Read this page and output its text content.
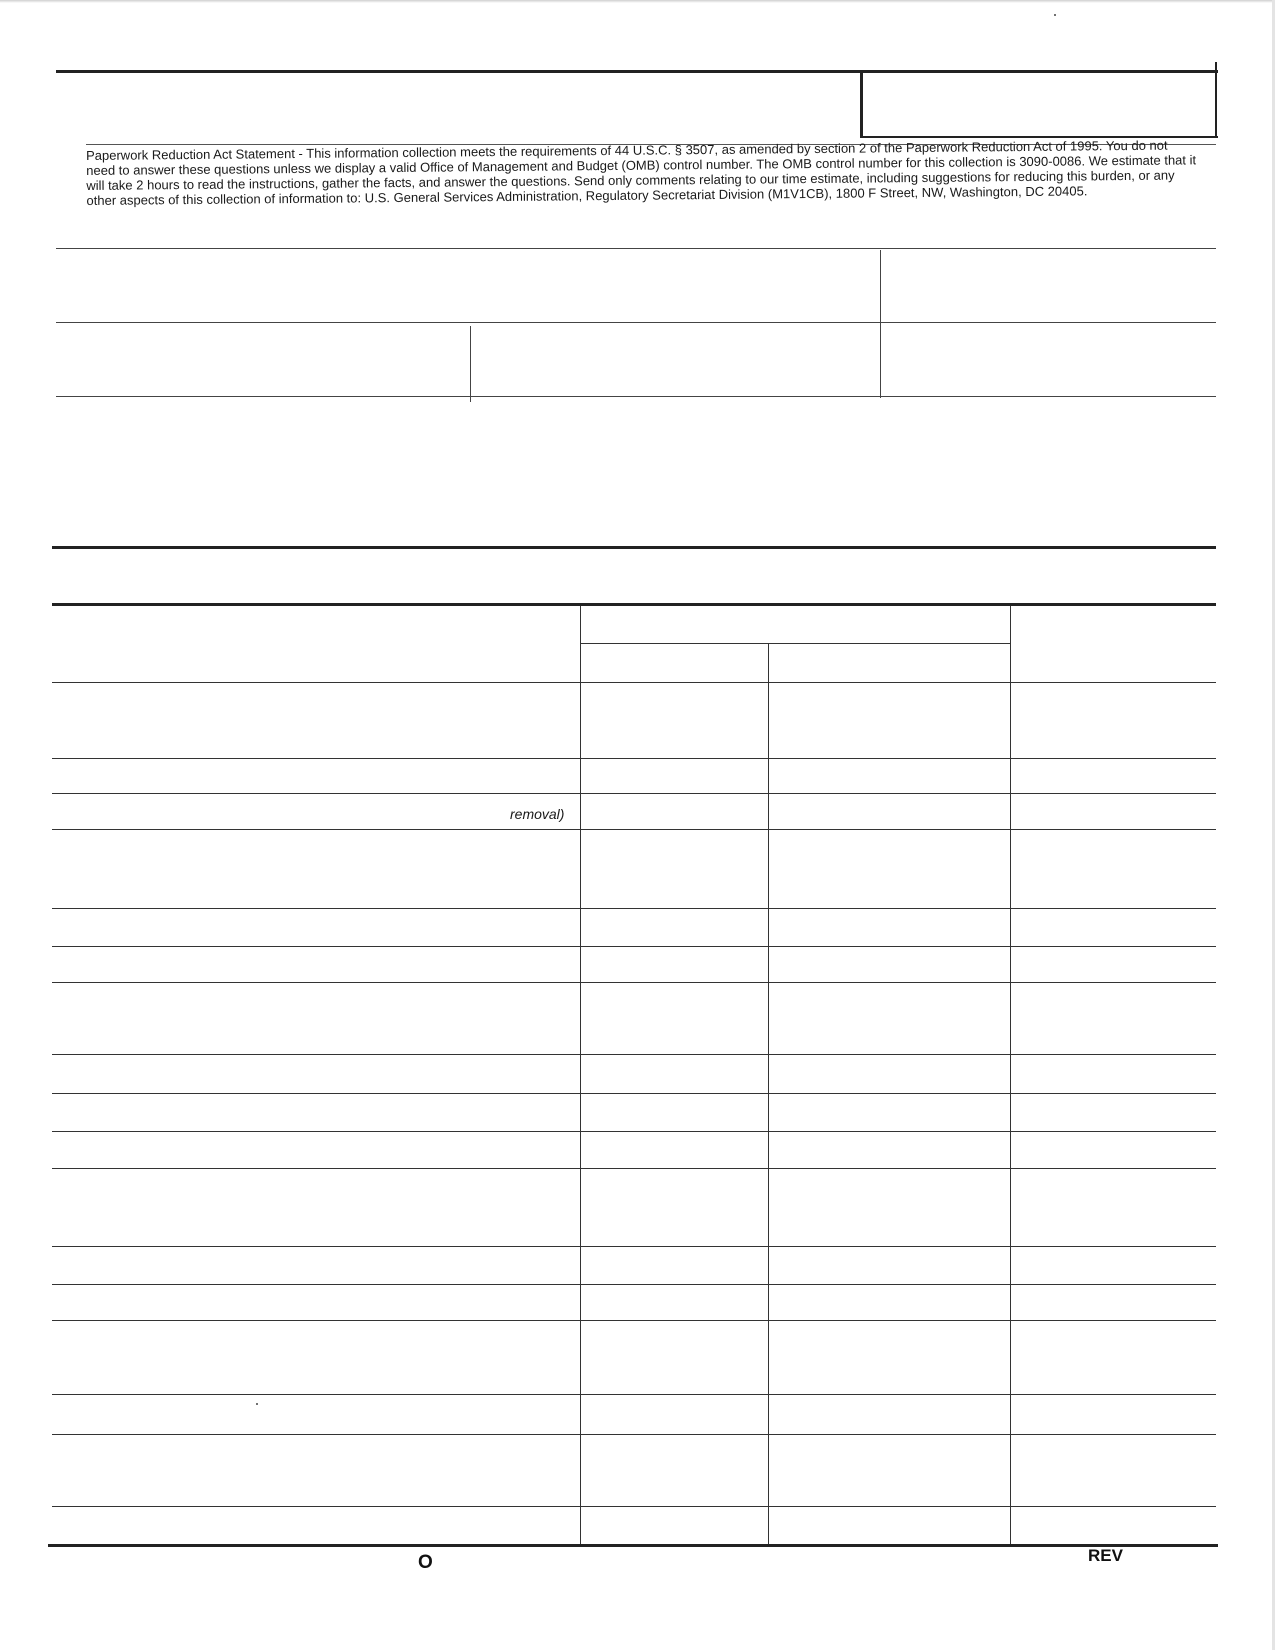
Paperwork Reduction Act Statement - This information collection meets the requirements of 44 U.S.C. § 3507, as amended by section 2 of the Paperwork Reduction Act of 1995. You do not need to answer these questions unless we display a valid Office of Management and Budget (OMB) control number. The OMB control number for this collection is 3090-0086. We estimate that it will take 2 hours to read the instructions, gather the facts, and answer the questions. Send only comments relating to our time estimate, including suggestions for reducing this burden, or any other aspects of this collection of information to: U.S. General Services Administration, Regulatory Secretariat Division (M1V1CB), 1800 F Street, NW, Washington, DC 20405.
removal)
O	REV
